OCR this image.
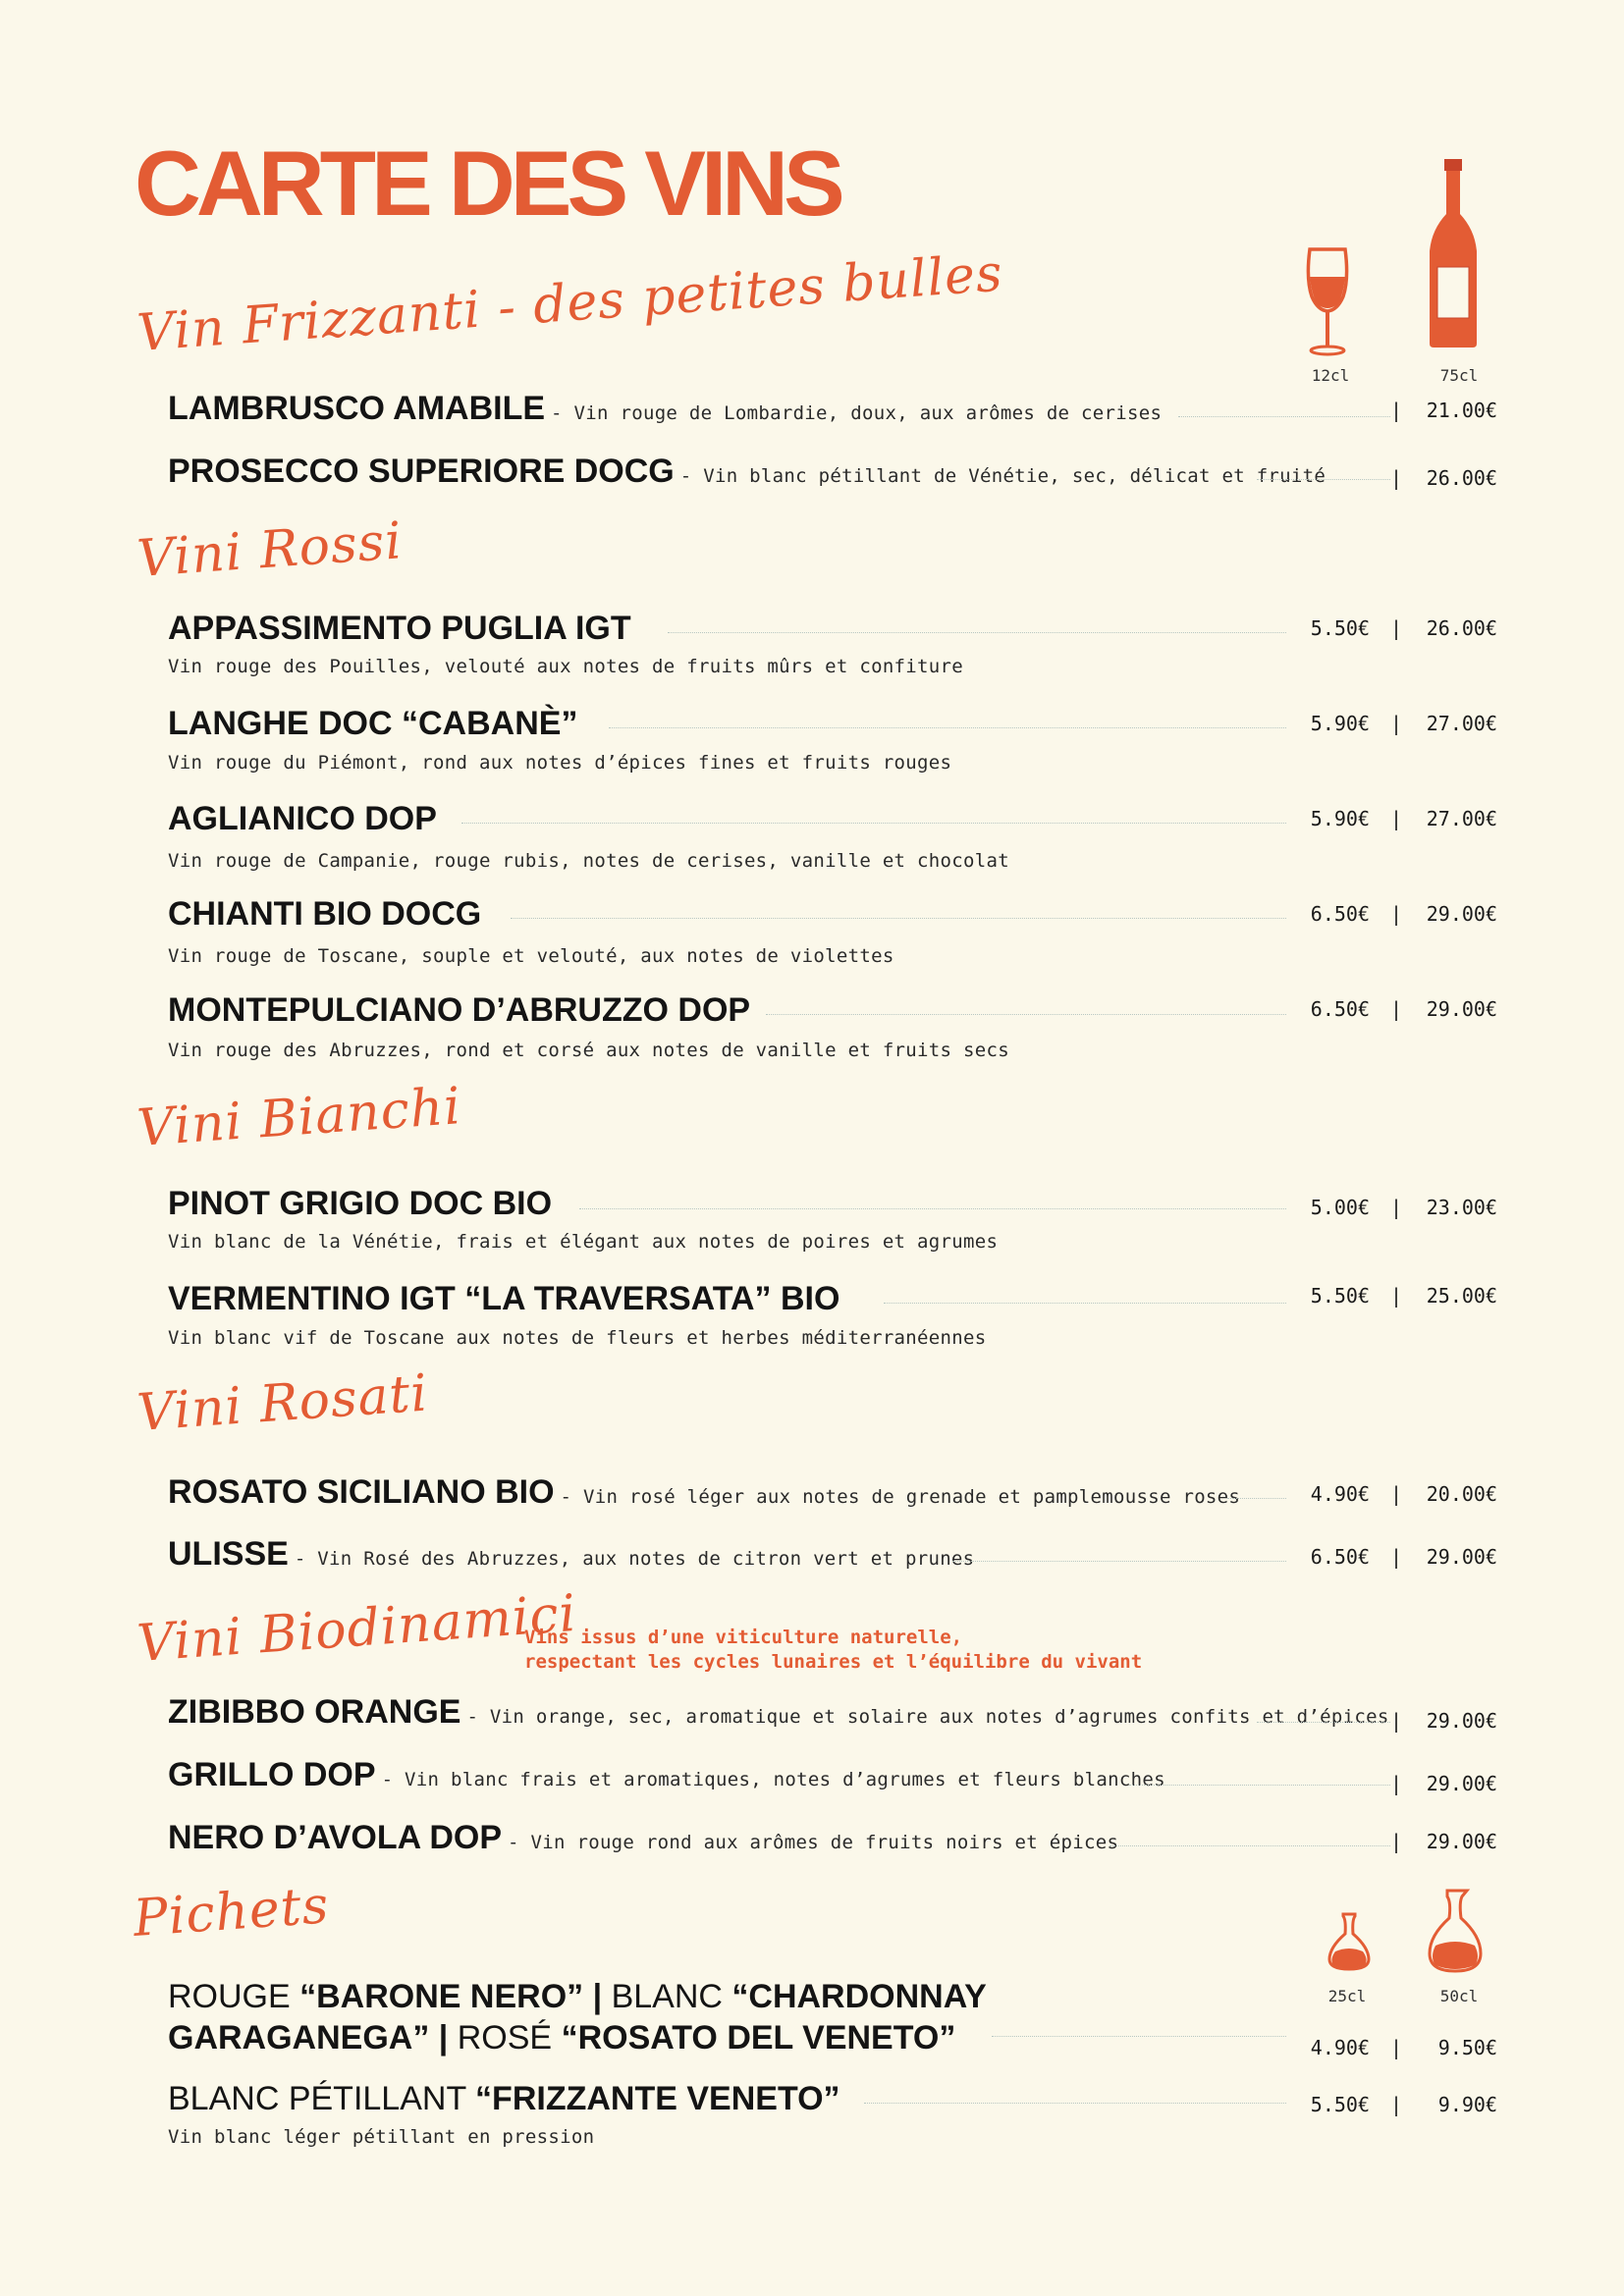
CARTE DES VINS
12cl	75cl
Vin Frizzanti - des petites bulles
LAMBRUSCO AMABILE - Vin rouge de Lombardie, doux, aux arômes de cerises	|	21.00€
PROSECCO SUPERIORE DOCG - Vin blanc pétillant de Vénétie, sec, délicat et fruité	|	26.00€
Vini Rossi
APPASSIMENTO PUGLIA IGT	5.50€ |	26.00€
Vin rouge des Pouilles, velouté aux notes de fruits mûrs et confiture
LANGHE DOC “CABANÈ”	5.90€ |	27.00€
Vin rouge du Piémont, rond aux notes d’épices fines et fruits rouges
AGLIANICO DOP	5.90€ |	27.00€
Vin rouge de Campanie, rouge rubis, notes de cerises, vanille et chocolat
CHIANTI BIO DOCG	6.50€ |	29.00€
Vin rouge de Toscane, souple et velouté, aux notes de violettes
MONTEPULCIANO D’ABRUZZO DOP	6.50€ |	29.00€
Vin rouge des Abruzzes, rond et corsé aux notes de vanille et fruits secs
Vini Bianchi
PINOT GRIGIO DOC BIO	5.00€ |	23.00€
Vin blanc de la Vénétie, frais et élégant aux notes de poires et agrumes
VERMENTINO IGT “LA TRAVERSATA” BIO	5.50€ |	25.00€
Vin blanc vif de Toscane aux notes de fleurs et herbes méditerranéennes
Vini Rosati
ROSATO SICILIANO BIO - Vin rosé léger aux notes de grenade et pamplemousse roses	4.90€ |	20.00€
ULISSE - Vin Rosé des Abruzzes, aux notes de citron vert et prunes	6.50€ |	29.00€
Vini Biodinamici
Vins issus d’une viticulture naturelle,
respectant les cycles lunaires et l’équilibre du vivant
ZIBIBBO ORANGE - Vin orange, sec, aromatique et solaire aux notes d’agrumes confits et d’épices |	29.00€
GRILLO DOP - Vin blanc frais et aromatiques, notes d’agrumes et fleurs blanches	|	29.00€
NERO D’AVOLA DOP - Vin rouge rond aux arômes de fruits noirs et épices	|	29.00€
Pichets
25cl	50cl
ROUGE “BARONE NERO” | BLANC “CHARDONNAY
GARAGANEGA” | ROSÉ “ROSATO DEL VENETO”	4.90€ |	9.50€
BLANC PÉTILLANT “FRIZZANTE VENETO”	5.50€ |	9.90€
Vin blanc léger pétillant en pression
